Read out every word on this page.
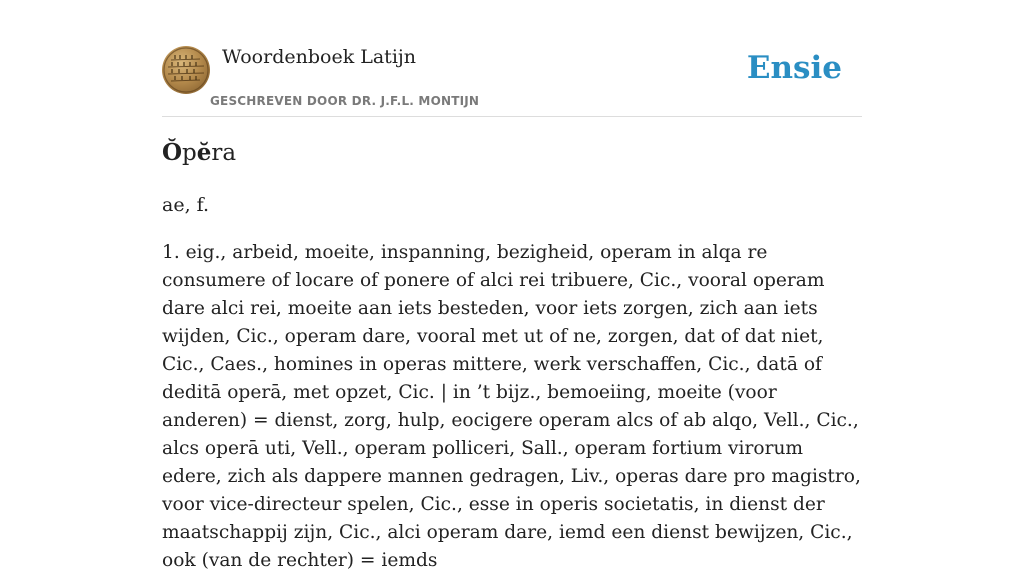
Woordenboek Latijn
GESCHREVEN DOOR DR. J.F.L. MONTIJN
Ensie
Ŏpĕra
ae, f.
1. eig., arbeid, moeite, inspanning, bezigheid, operam in alqa re consumere of locare of ponere of alci rei tribuere, Cic., vooral operam dare alci rei, moeite aan iets besteden, voor iets zorgen, zich aan iets wijden, Cic., operam dare, vooral met ut of ne, zorgen, dat of dat niet, Cic., Caes., homines in operas mittere, werk verschaffen, Cic., datā of deditā operā, met opzet, Cic. | in ’t bijz., bemoeiing, moeite (voor anderen) = dienst, zorg, hulp, eocigere operam alcs of ab alqo, Vell., Cic., alcs operā uti, Vell., operam polliceri, Sall., operam fortium virorum edere, zich als dappere mannen gedragen, Liv., operas dare pro magistro, voor vice-directeur spelen, Cic., esse in operis societatis, in dienst der maatschappij zijn, Cic., alci operam dare, iemd een dienst bewijzen, Cic., ook (van de rechter) = iemds
